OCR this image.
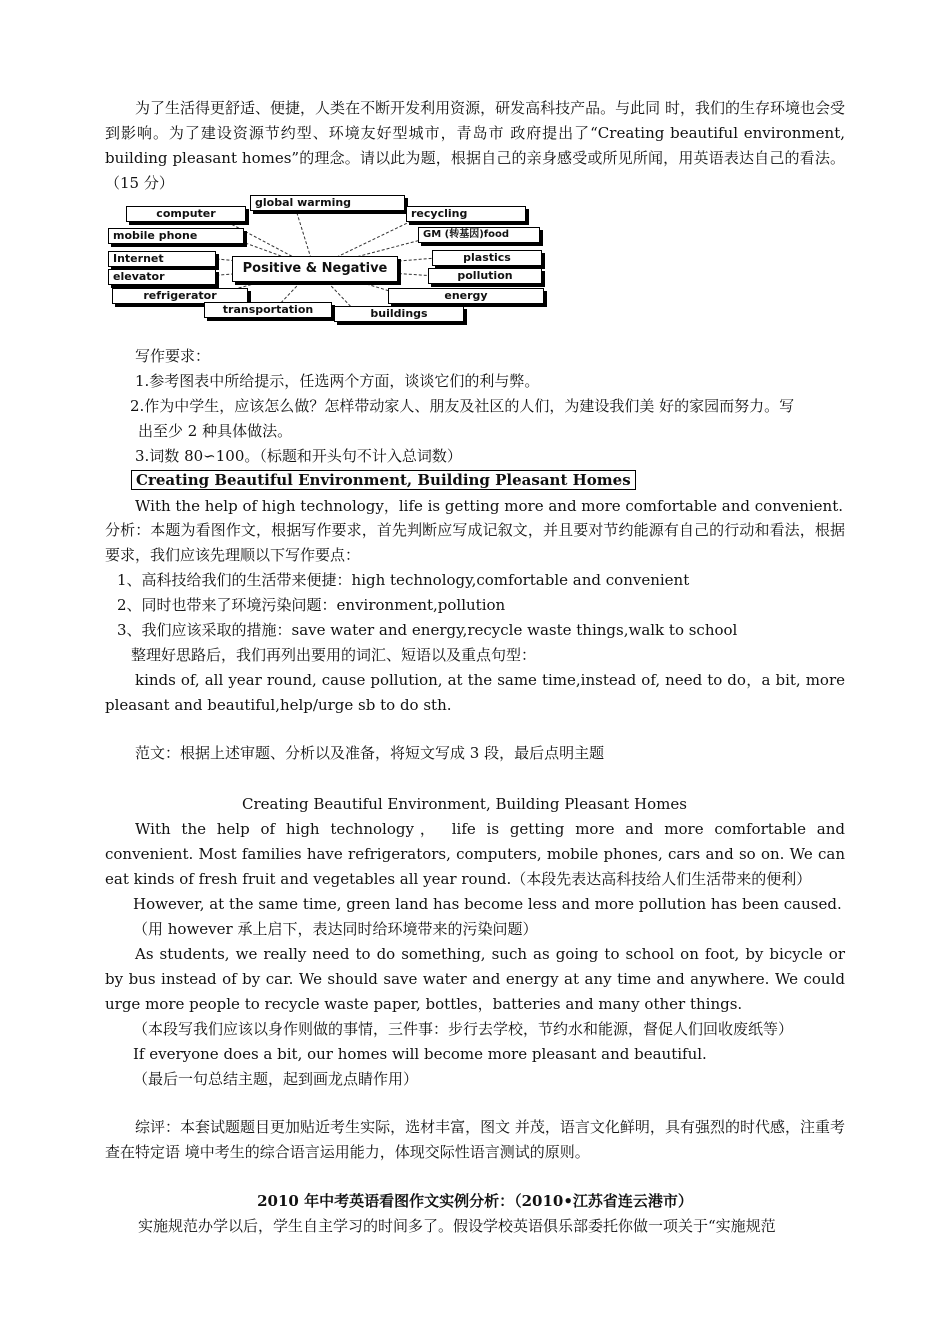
为了生活得更舒适、便捷，人类在不断开发利用资源，研发高科技产品。与此同 时，我们的生存环境也会受到影响。为了建设资源节约型、环境友好型城市，青岛市 政府提出了“Creating beautiful environment, building pleasant homes”的理念。请以此为题，根据自己的亲身感受或所见所闻，用英语表达自己的看法。（15 分）

Positive & Negative
global warming
computer	recycling
mobile phone	GM (转基因)food
Internet
elevator
plastics
pollution
refrigerator	energy
transportation	buildings

写作要求：

1.参考图表中所给提示，任选两个方面，谈谈它们的利与弊。

2.作为中学生，应该怎么做？怎样带动家人、朋友及社区的人们，为建设我们美 好的家园而努力。写

出至少 2 种具体做法。

3.词数 80∽100。（标题和开头句不计入总词数）

Creating Beautiful Environment, Building Pleasant Homes

With the help of high technology，life is getting more and more comfortable and convenient.

分析：本题为看图作文，根据写作要求，首先判断应写成记叙文，并且要对节约能源有自己的行动和看法，根据要求，我们应该先理顺以下写作要点：

1、高科技给我们的生活带来便捷：high technology,comfortable and convenient

2、同时也带来了环境污染问题：environment,pollution

3、我们应该采取的措施：save water and energy,recycle waste things,walk to school

整理好思路后，我们再列出要用的词汇、短语以及重点句型：

kinds of, all year round, cause pollution, at the same time,instead of, need to do，a bit, more pleasant and beautiful,help/urge sb to do sth.

范文：根据上述审题、分析以及准备，将短文写成 3 段，最后点明主题

Creating Beautiful Environment, Building Pleasant Homes

With the help of high technology， life is getting more and more comfortable and convenient. Most families have refrigerators, computers, mobile phones, cars and so on. We can eat kinds of fresh fruit and vegetables all year round.（本段先表达高科技给人们生活带来的便利）

However, at the same time, green land has become less and more pollution has been caused.

（用 however 承上启下，表达同时给环境带来的污染问题）

As students, we really need to do something, such as going to school on foot, by bicycle or by bus instead of by car. We should save water and energy at any time and anywhere. We could urge more people to recycle waste paper, bottles，batteries and many other things.

（本段写我们应该以身作则做的事情，三件事：步行去学校，节约水和能源，督促人们回收废纸等）

If everyone does a bit, our homes will become more pleasant and beautiful.

（最后一句总结主题，起到画龙点睛作用）

综评：本套试题题目更加贴近考生实际，选材丰富，图文 并茂，语言文化鲜明，具有强烈的时代感，注重考查在特定语 境中考生的综合语言运用能力，体现交际性语言测试的原则。

2010 年中考英语看图作文实例分析：（2010•江苏省连云港市）

实施规范办学以后，学生自主学习的时间多了。假设学校英语俱乐部委托你做一项关于“实施规范
